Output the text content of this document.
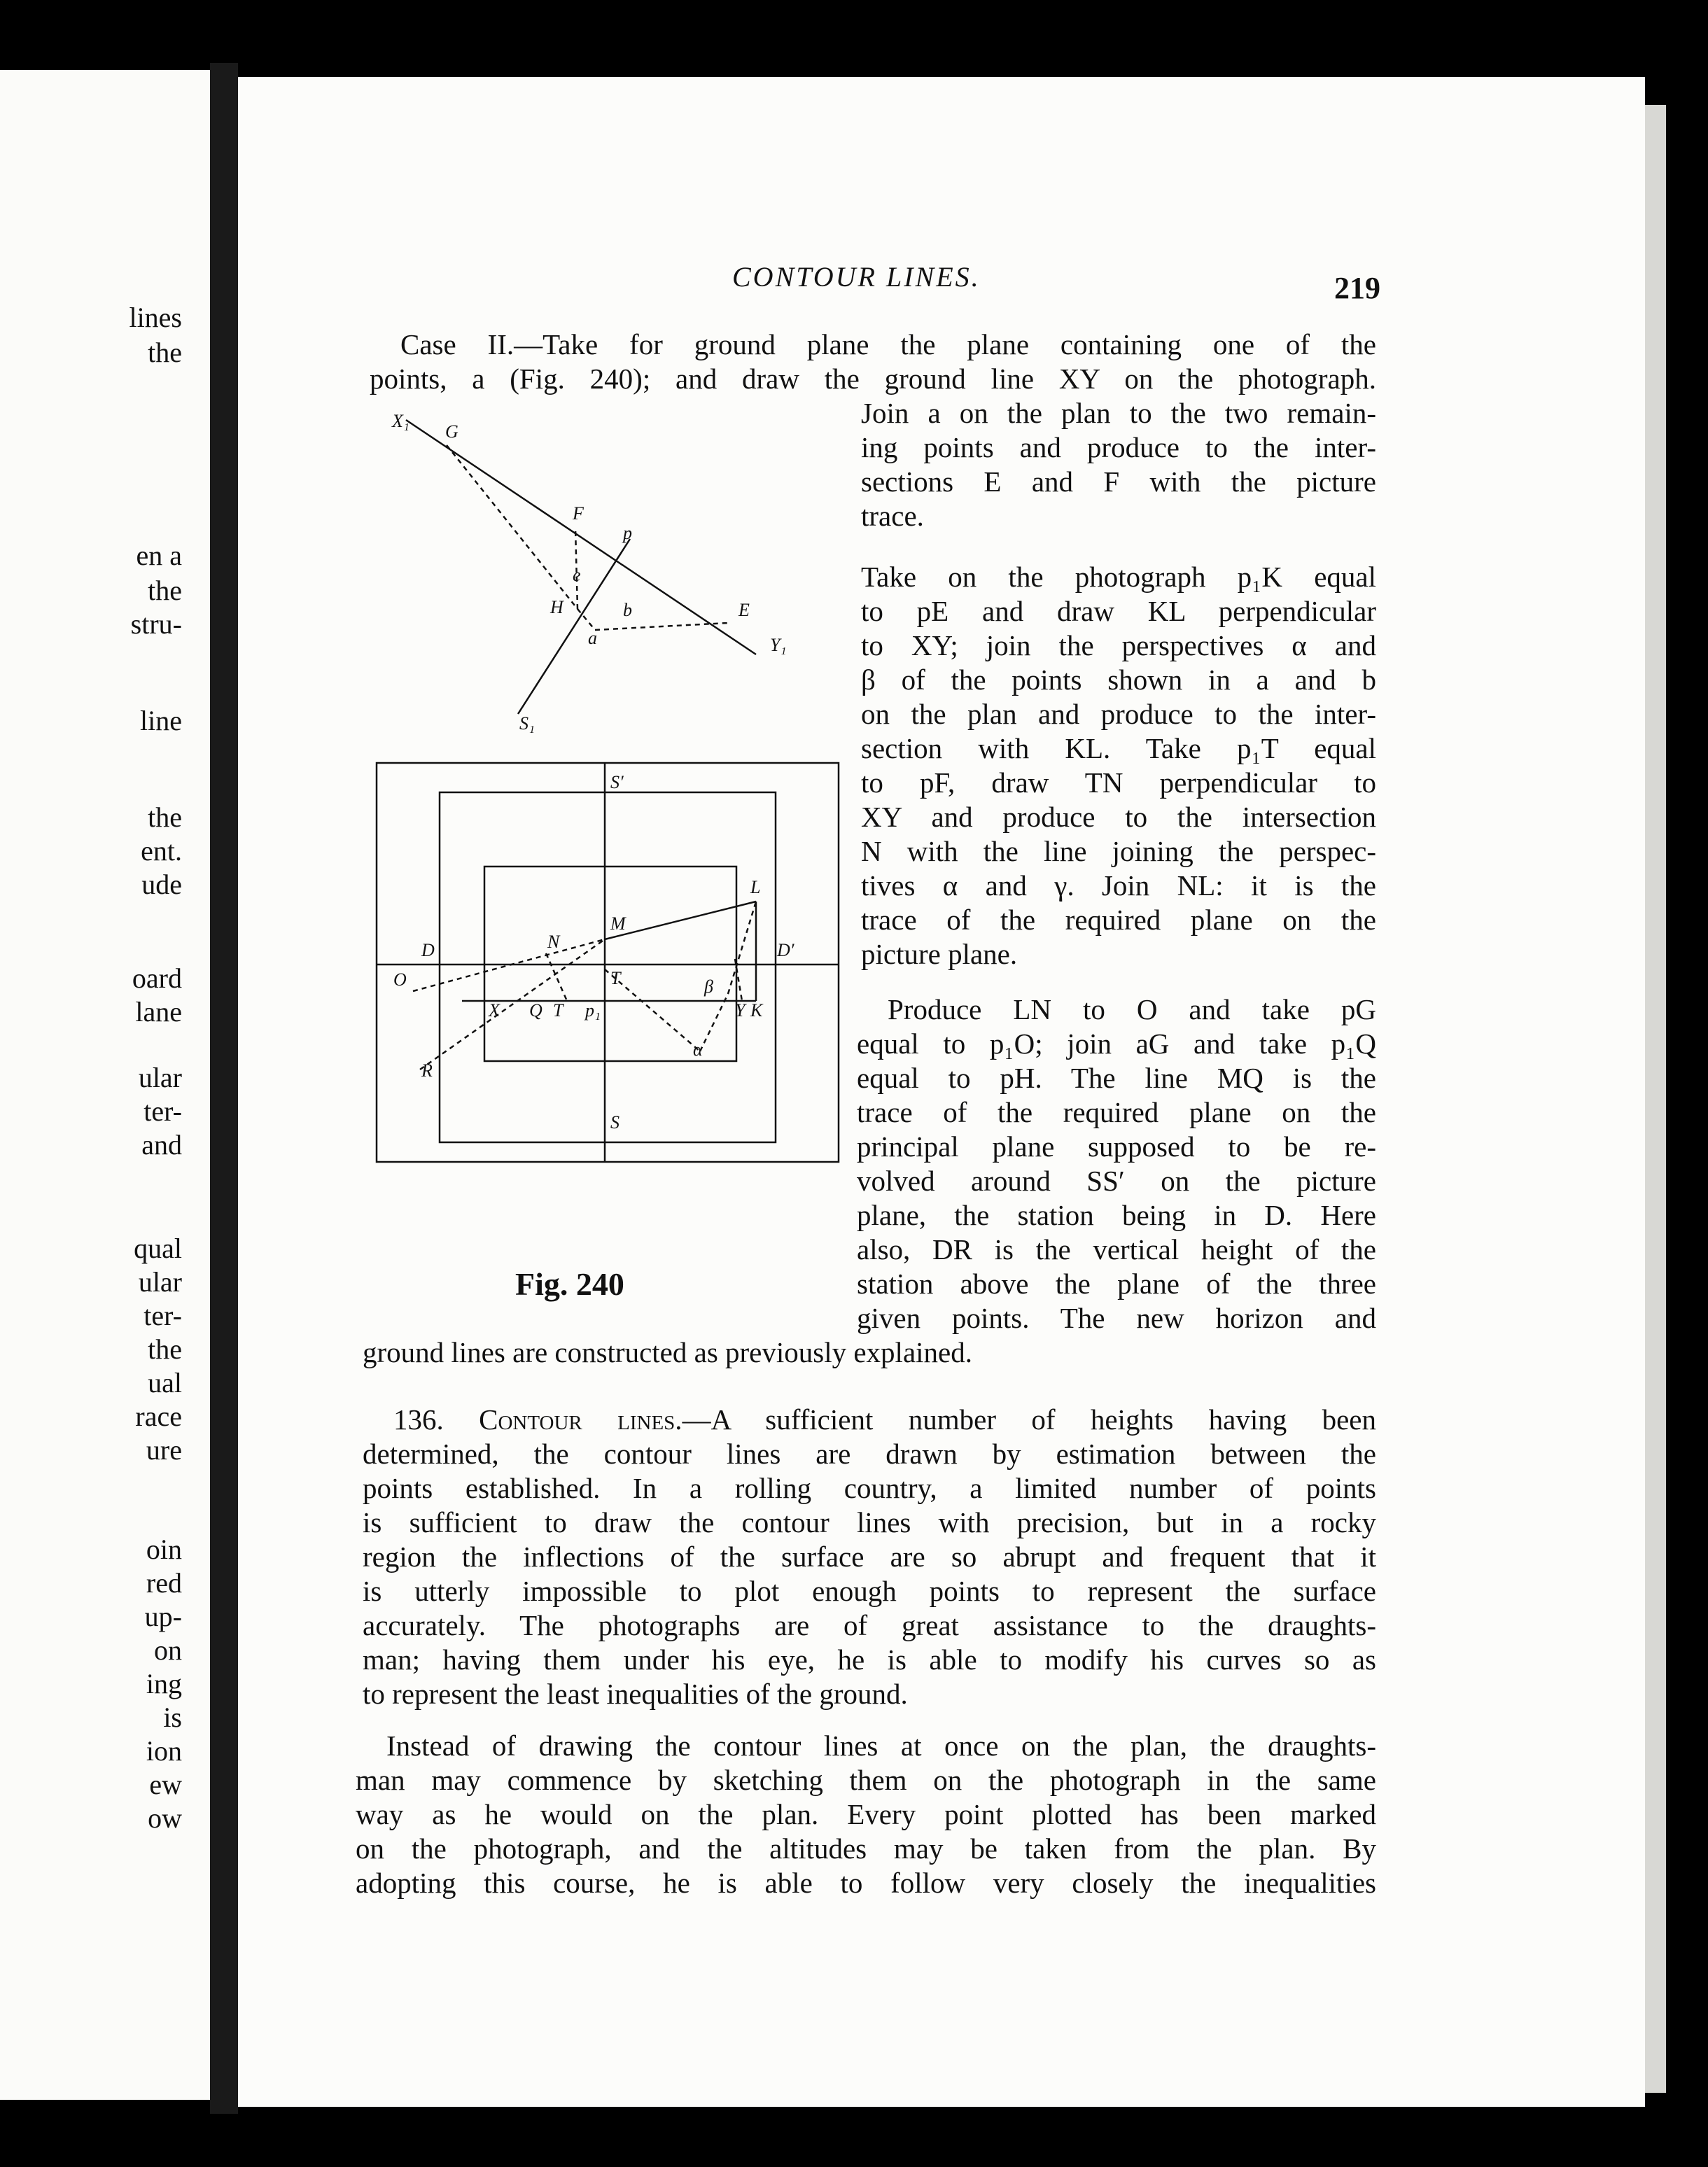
lines
the
en a
the
stru-
line
the
ent.
ude
oard
lane
ular
ter-
and
qual
ular
ter-
the
ual
race
ure
oin
red
up-
on
ing
is
ion
ew
ow
CONTOUR LINES.	219
Case II.—Take for ground plane the plane containing one of the
points, a (Fig. 240); and draw the ground line XY on the photograph.
Join a on the plan to the two remain-
ing points and produce to the inter-
sections E and F with the picture
trace.
Take on the photograph p₁K equal
to pE and draw KL perpendicular
to XY; join the perspectives α and
β of the points shown in a and b
on the plan and produce to the inter-
section with KL. Take p₁T equal
to pF, draw TN perpendicular to
XY and produce to the intersection
N with the line joining the perspec-
tives α and γ. Join NL: it is the
trace of the required plane on the
picture plane.
Produce LN to O and take pG
equal to p₁O; join aG and take p₁Q
equal to pH. The line MQ is the
trace of the required plane on the
principal plane supposed to be re-
volved around SS′ on the picture
plane, the station being in D. Here
also, DR is the vertical height of the
station above the plane of the three
given points. The new horizon and
ground lines are constructed as previously explained.
136. Contour lines.—A sufficient number of heights having been
determined, the contour lines are drawn by estimation between the
points established. In a rolling country, a limited number of points
is sufficient to draw the contour lines with precision, but in a rocky
region the inflections of the surface are so abrupt and frequent that it
is utterly impossible to plot enough points to represent the surface
accurately. The photographs are of great assistance to the draughts-
man; having them under his eye, he is able to modify his curves so as
to represent the least inequalities of the ground.
Instead of drawing the contour lines at once on the plan, the draughts-
man may commence by sketching them on the photograph in the same
way as he would on the plan. Every point plotted has been marked
on the photograph, and the altitudes may be taken from the plan. By
adopting this course, he is able to follow very closely the inequalities
X₁
G
F
p
e
H	b	E
a	Y₁
S₁
S′
L
M
N
D	D′
O	T	β
X Q T p₁	Y K
R
α
S
Fig. 240
